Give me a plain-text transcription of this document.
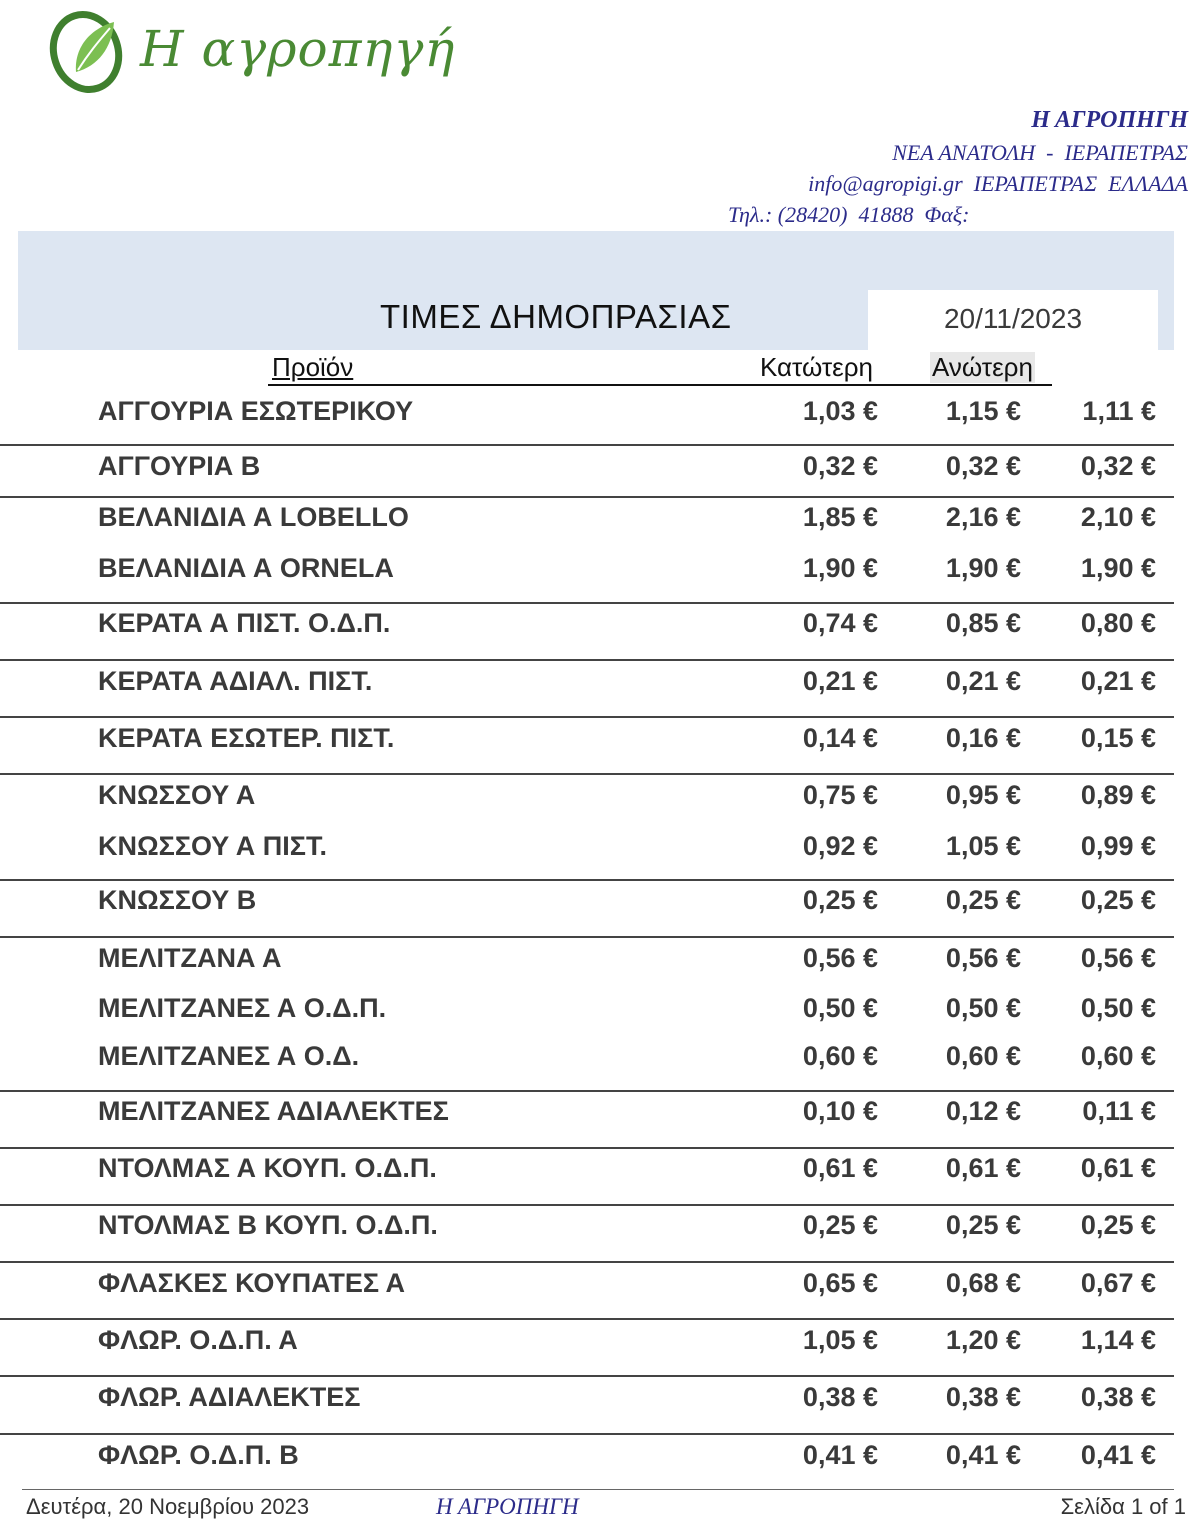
Η αγροπηγή
Η ΑΓΡΟΠΗΓΗ
ΝΕΑ ΑΝΑΤΟΛΗ  -  ΙΕΡΑΠΕΤΡΑΣ
info@agropigi.gr  ΙΕΡΑΠΕΤΡΑΣ  ΕΛΛΑΔΑ
Τηλ.: (28420)  41888  Φαξ:
20/11/2023
ΤΙΜΕΣ ΔΗΜΟΠΡΑΣΙΑΣ
Προϊόν	Κατώτερη Ανώτερη
ΑΓΓΟΥΡΙΑ ΕΣΩΤΕΡΙΚΟΥ	1,03 €	1,15 €	1,11 €
ΑΓΓΟΥΡΙΑ Β	0,32 €	0,32 €	0,32 €
ΒΕΛΑΝΙΔΙΑ Α LOBELLO	1,85 €	2,16 €	2,10 €
ΒΕΛΑΝΙΔΙΑ Α ORNELA	1,90 €	1,90 €	1,90 €
ΚΕΡΑΤΑ Α ΠΙΣΤ. Ο.Δ.Π.	0,74 €	0,85 €	0,80 €
ΚΕΡΑΤΑ ΑΔΙΑΛ. ΠΙΣΤ.	0,21 €	0,21 €	0,21 €
ΚΕΡΑΤΑ ΕΣΩΤΕΡ. ΠΙΣΤ.	0,14 €	0,16 €	0,15 €
ΚΝΩΣΣΟΥ Α	0,75 €	0,95 €	0,89 €
ΚΝΩΣΣΟΥ Α ΠΙΣΤ.	0,92 €	1,05 €	0,99 €
ΚΝΩΣΣΟΥ Β	0,25 €	0,25 €	0,25 €
ΜΕΛΙΤΖΑΝΑ Α	0,56 €	0,56 €	0,56 €
ΜΕΛΙΤΖΑΝΕΣ Α Ο.Δ.Π.	0,50 €	0,50 €	0,50 €
ΜΕΛΙΤΖΑΝΕΣ Α Ο.Δ.	0,60 €	0,60 €	0,60 €
ΜΕΛΙΤΖΑΝΕΣ ΑΔΙΑΛΕΚΤΕΣ	0,10 €	0,12 €	0,11 €
ΝΤΟΛΜΑΣ Α ΚΟΥΠ. Ο.Δ.Π.	0,61 €	0,61 €	0,61 €
ΝΤΟΛΜΑΣ Β ΚΟΥΠ. Ο.Δ.Π.	0,25 €	0,25 €	0,25 €
ΦΛΑΣΚΕΣ ΚΟΥΠΑΤΕΣ Α	0,65 €	0,68 €	0,67 €
ΦΛΩΡ. Ο.Δ.Π. Α	1,05 €	1,20 €	1,14 €
ΦΛΩΡ. ΑΔΙΑΛΕΚΤΕΣ	0,38 €	0,38 €	0,38 €
ΦΛΩΡ. Ο.Δ.Π. Β	0,41 €	0,41 €	0,41 €
Δευτέρα, 20 Νοεμβρίου 2023	Η ΑΓΡΟΠΗΓΗ	Σελίδα 1 of 1
